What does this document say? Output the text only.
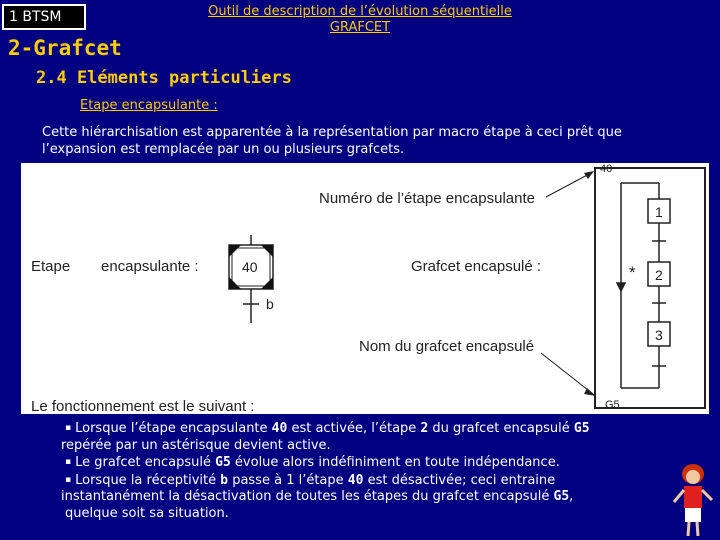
1 BTSM	Outil de description de l’évolution séquentielle
GRAFCET
2-Grafcet
2.4 Eléments particuliers
Etape encapsulante :
Cette hiérarchisation est apparentée à la représentation par macro étape à ceci prêt que
l’expansion est remplacée par un ou plusieurs grafcets.
Etape encapsulante :	40
b
Numéro de l’étape encapsulante
Grafcet encapsulé :
Nom du grafcet encapsulé
Le fonctionnement est le suivant :
40
G5
*
1
2
3

▪ Lorsque l’étape encapsulante 40 est activée, l’étape 2 du grafcet encapsulé G5

repérée par un astérisque devient active.

▪ Le grafcet encapsulé G5 évolue alors indéfiniment en toute indépendance.

▪ Lorsque la réceptivité b passe à 1 l’étape 40 est désactivée; ceci entraine

instantanément la désactivation de toutes les étapes du grafcet encapsulé G5,

quelque soit sa situation.
